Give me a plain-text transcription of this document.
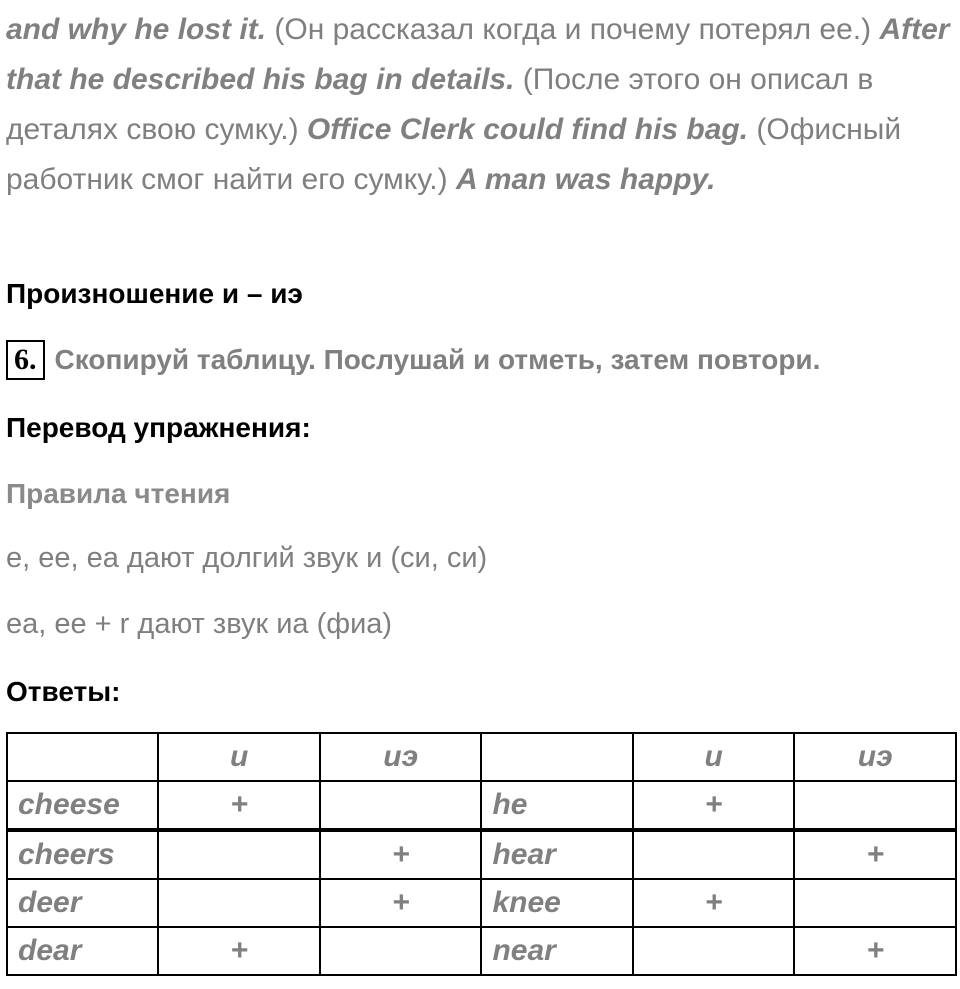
and why he lost it. (Он рассказал когда и почему потерял ее.) After that he described his bag in details. (После этого он описал в деталях свою сумку.) Office Clerk could find his bag. (Офисный работник смог найти его сумку.) A man was happy.

Произношение и – иэ
6. Скопируй таблицу. Послушай и отметь, затем повтори.
Перевод упражнения:
Правила чтения
e, ee, ea дают долгий звук и (си, си)
ea, ee + r дают звук иа (фиа)
Ответы:
	и	иэ		и	иэ
cheese	+		he	+	
cheers		+	hear		+
deer		+	knee	+	
dear	+		near		+
